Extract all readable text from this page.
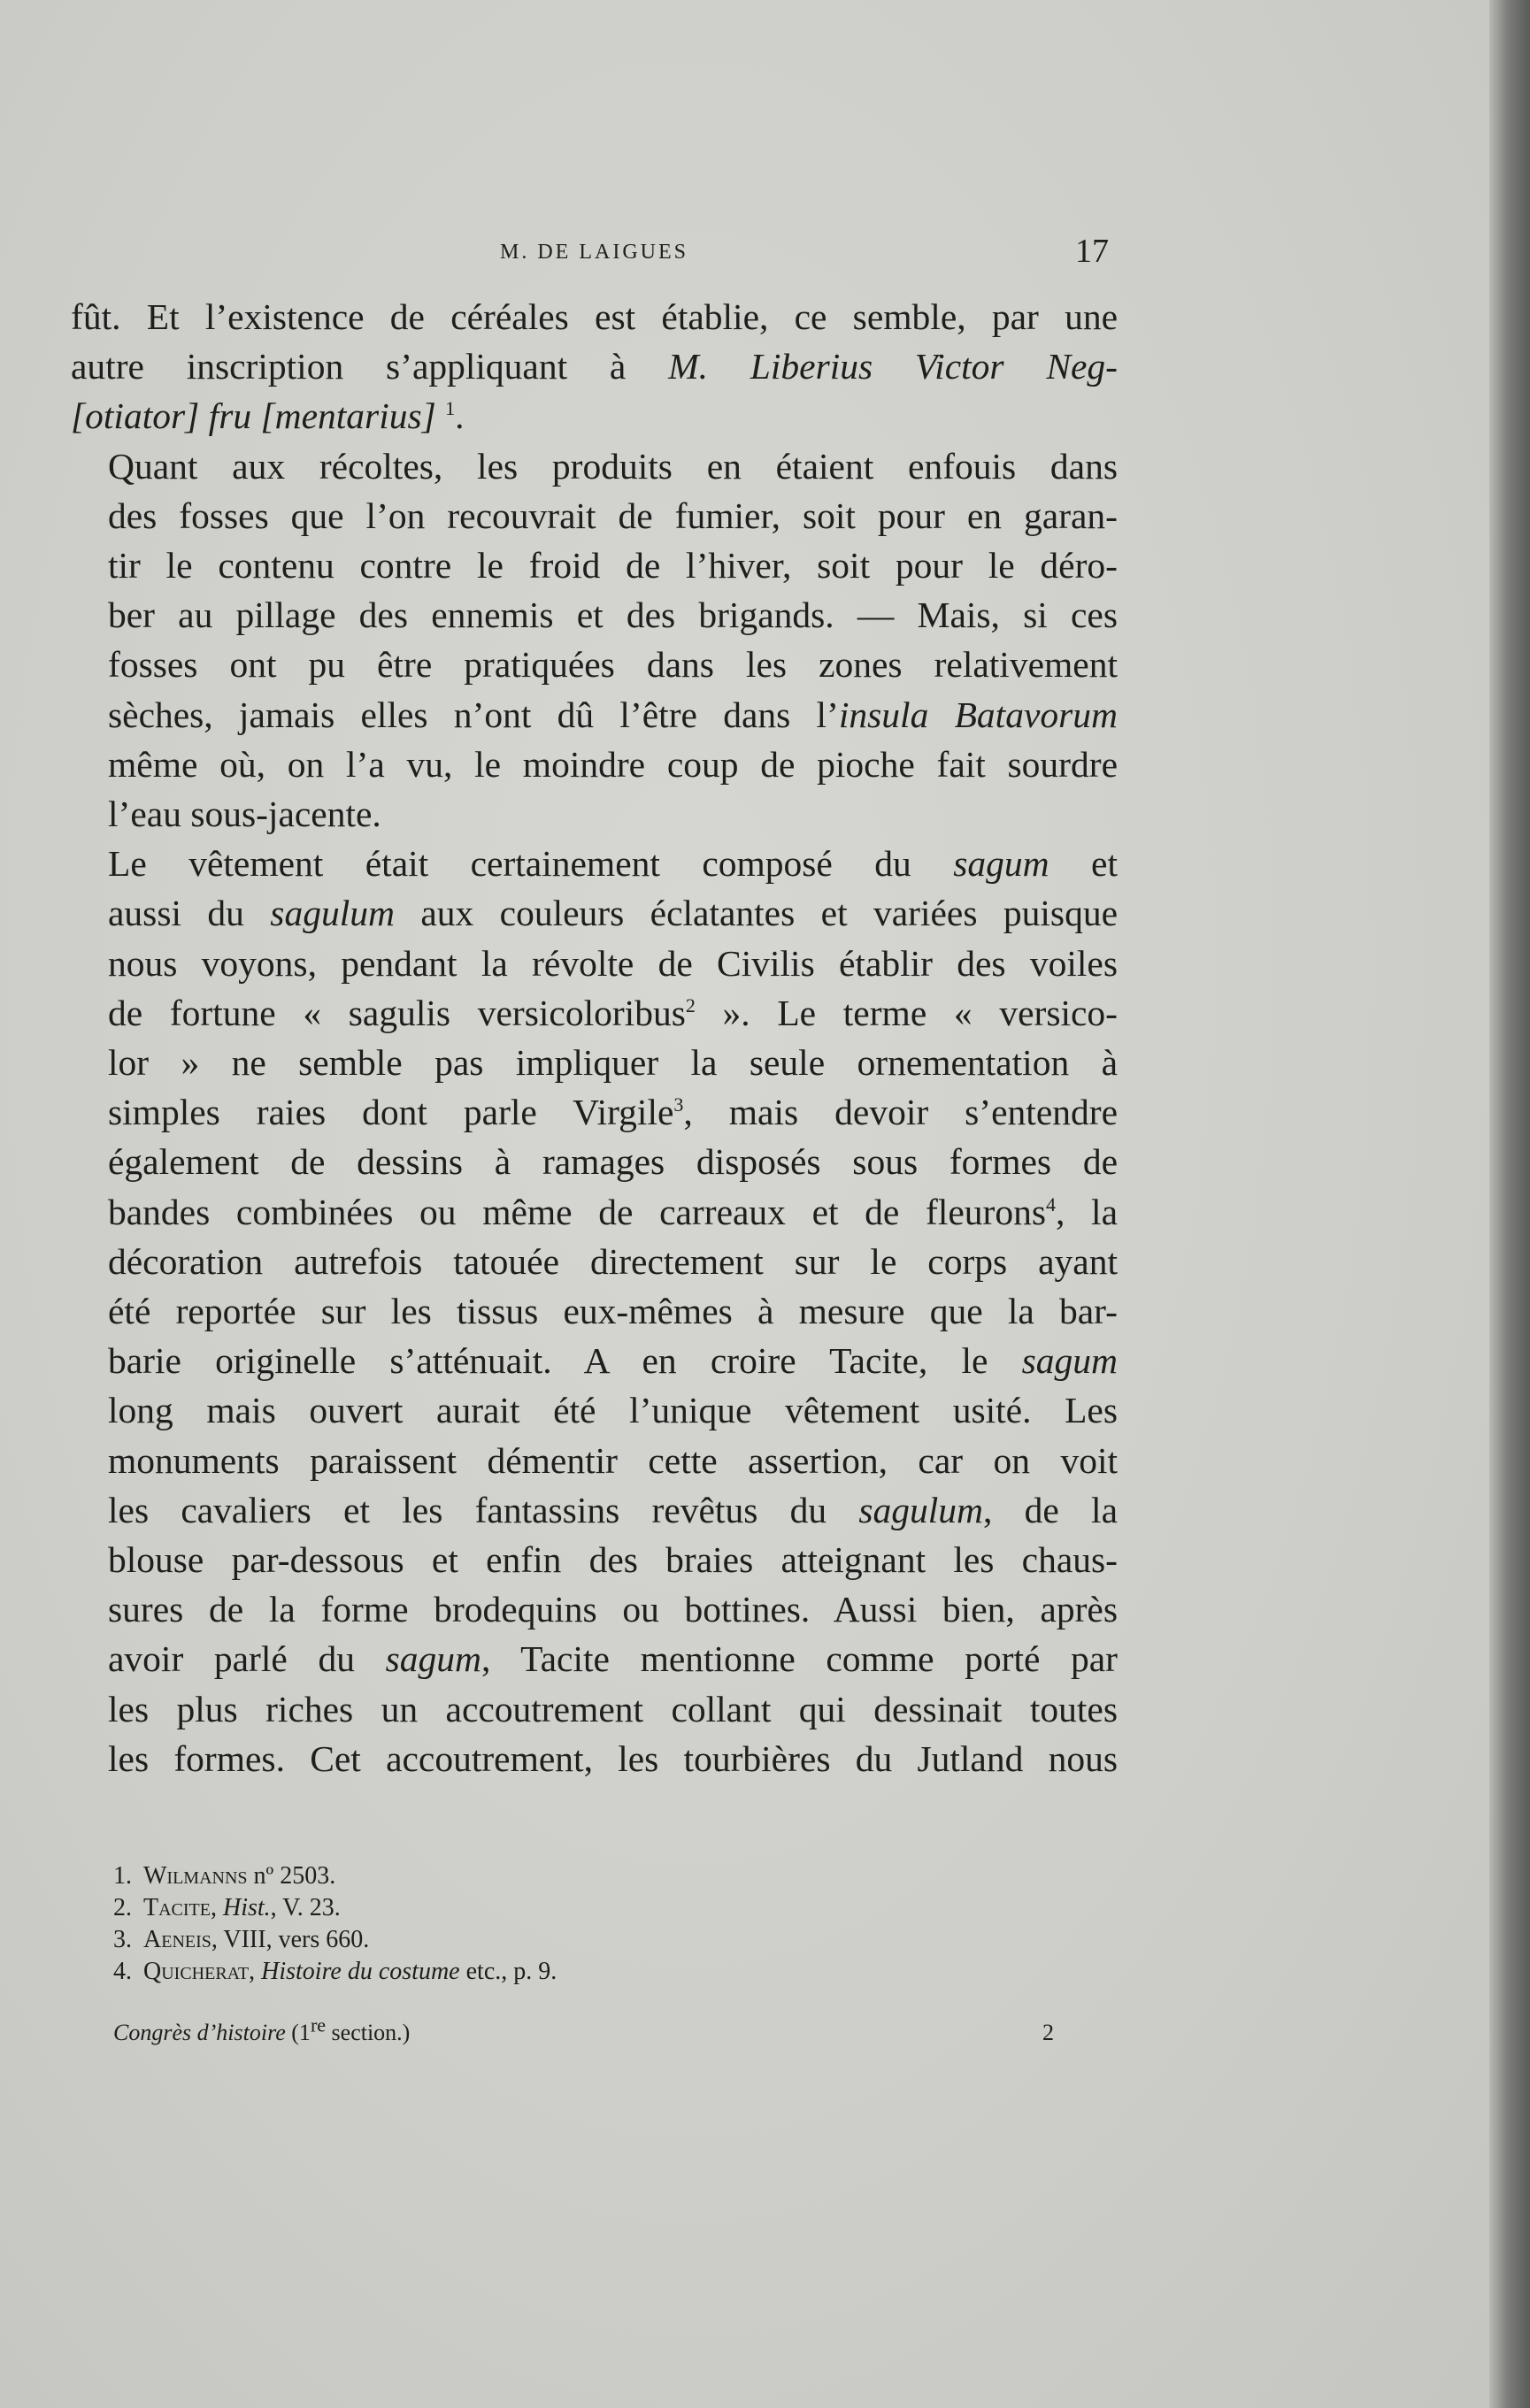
M. DE LAIGUES	17

fût. Et l’existence de céréales est établie, ce semble, par une
autre inscription s’appliquant à M. Liberius Victor Neg-
[otiator] fru [mentarius] $^1$.

Quant aux récoltes, les produits en étaient enfouis dans
des fosses que l’on recouvrait de fumier, soit pour en garan-
tir le contenu contre le froid de l’hiver, soit pour le déro-
ber au pillage des ennemis et des brigands. — Mais, si ces
fosses ont pu être pratiquées dans les zones relativement
sèches, jamais elles n’ont dû l’être dans l’insula Batavorum
même où, on l’a vu, le moindre coup de pioche fait sourdre
l’eau sous-jacente.

Le vêtement était certainement composé du sagum et
aussi du sagulum aux couleurs éclatantes et variées puisque
nous voyons, pendant la révolte de Civilis établir des voiles
de fortune « sagulis versicoloribus$^2$ ». Le terme « versico-
lor » ne semble pas impliquer la seule ornementation à
simples raies dont parle Virgile$^3$, mais devoir s’entendre
également de dessins à ramages disposés sous formes de
bandes combinées ou même de carreaux et de fleurons$^4$, la
décoration autrefois tatouée directement sur le corps ayant
été reportée sur les tissus eux-mêmes à mesure que la bar-
barie originelle s’atténuait. A en croire Tacite, le sagum
long mais ouvert aurait été l’unique vêtement usité. Les
monuments paraissent démentir cette assertion, car on voit
les cavaliers et les fantassins revêtus du sagulum, de la
blouse par-dessous et enfin des braies atteignant les chaus-
sures de la forme brodequins ou bottines. Aussi bien, après
avoir parlé du sagum, Tacite mentionne comme porté par
les plus riches un accoutrement collant qui dessinait toutes
les formes. Cet accoutrement, les tourbières du Jutland nous

1. Wilmanns nº 2503.
2. Tacite, Hist., V. 23.
3. Aeneis, VIII, vers 660.
4. Quicherat, Histoire du costume etc., p. 9.
Congrès d’histoire (1re section.)	2
